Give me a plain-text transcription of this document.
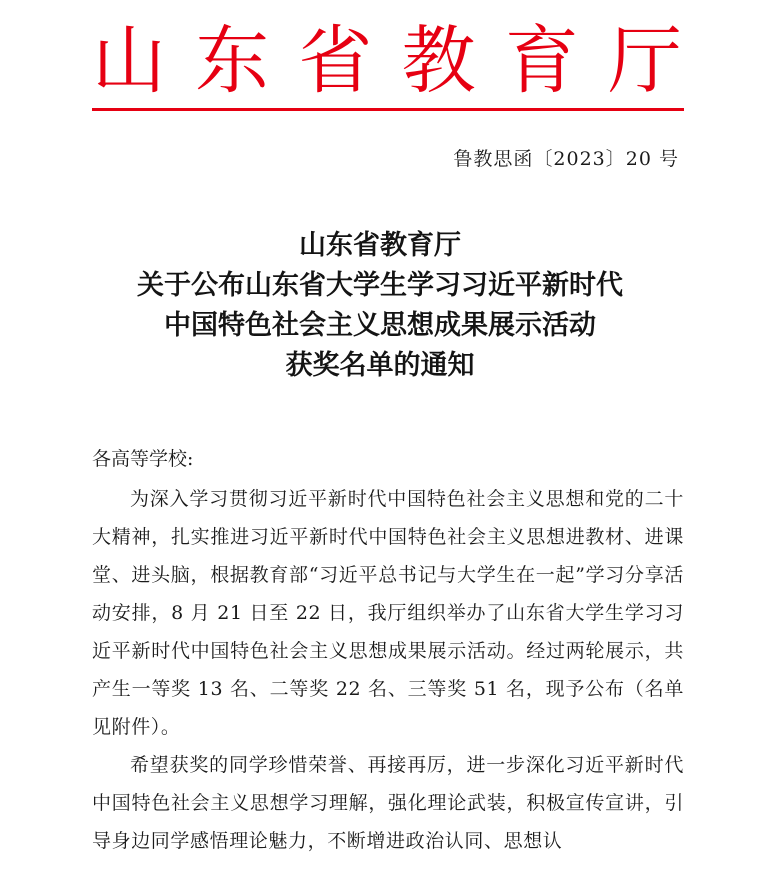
山 东 省 教 育 厅
鲁教思函〔2023〕20 号
山东省教育厅
关于公布山东省大学生学习习近平新时代
中国特色社会主义思想成果展示活动
获奖名单的通知
各高等学校:

为深入学习贯彻习近平新时代中国特色社会主义思想和党的二十大精神，扎实推进习近平新时代中国特色社会主义思想进教材、进课堂、进头脑，根据教育部“习近平总书记与大学生在一起”学习分享活动安排，8 月 21 日至 22 日，我厅组织举办了山东省大学生学习习近平新时代中国特色社会主义思想成果展示活动。经过两轮展示，共产生一等奖 13 名、二等奖 22 名、三等奖 51 名，现予公布（名单见附件）。

希望获奖的同学珍惜荣誉、再接再厉，进一步深化习近平新时代中国特色社会主义思想学习理解，强化理论武装，积极宣传宣讲，引导身边同学感悟理论魅力，不断增进政治认同、思想认
